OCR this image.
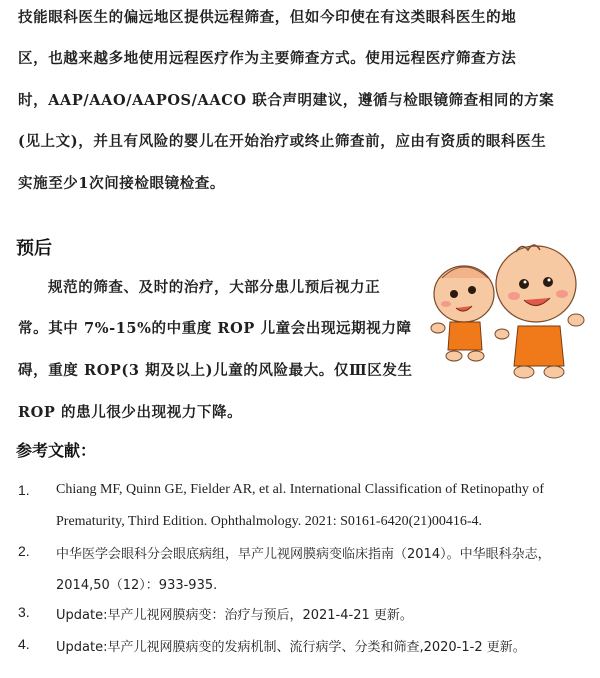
技能眼科医生的偏远地区提供远程筛查，但如今印使在有这类眼科医生的地
区，也越来越多地使用远程医疗作为主要筛查方式。使用远程医疗筛查方法
时，AAP/AAO/AAPOS/AACO 联合声明建议，遵循与检眼镜筛查相同的方案
(见上文)，并且有风险的婴儿在开始治疗或终止筛查前，应由有资质的眼科医生
实施至少1次间接检眼镜检查。
预后
规范的筛查、及时的治疗，大部分患儿预后视力正
常。其中 7%-15%的中重度 ROP 儿童会出现远期视力障
碍，重度 ROP(3 期及以上)儿童的风险最大。仅Ⅲ区发生
ROP 的患儿很少出现视力下降。
参考文献：
1. Chiang MF, Quinn GE, Fielder AR, et al. International Classification of Retinopathy of
Prematurity, Third Edition. Ophthalmology. 2021: S0161-6420(21)00416-4.
2. 中华医学会眼科分会眼底病组，早产儿视网膜病变临床指南（2014）。中华眼科杂志，
2014,50（12）：933-935.
3. Update:早产儿视网膜病变：治疗与预后，2021-4-21 更新。
4. Update:早产儿视网膜病变的发病机制、流行病学、分类和筛查,2020-1-2 更新。
